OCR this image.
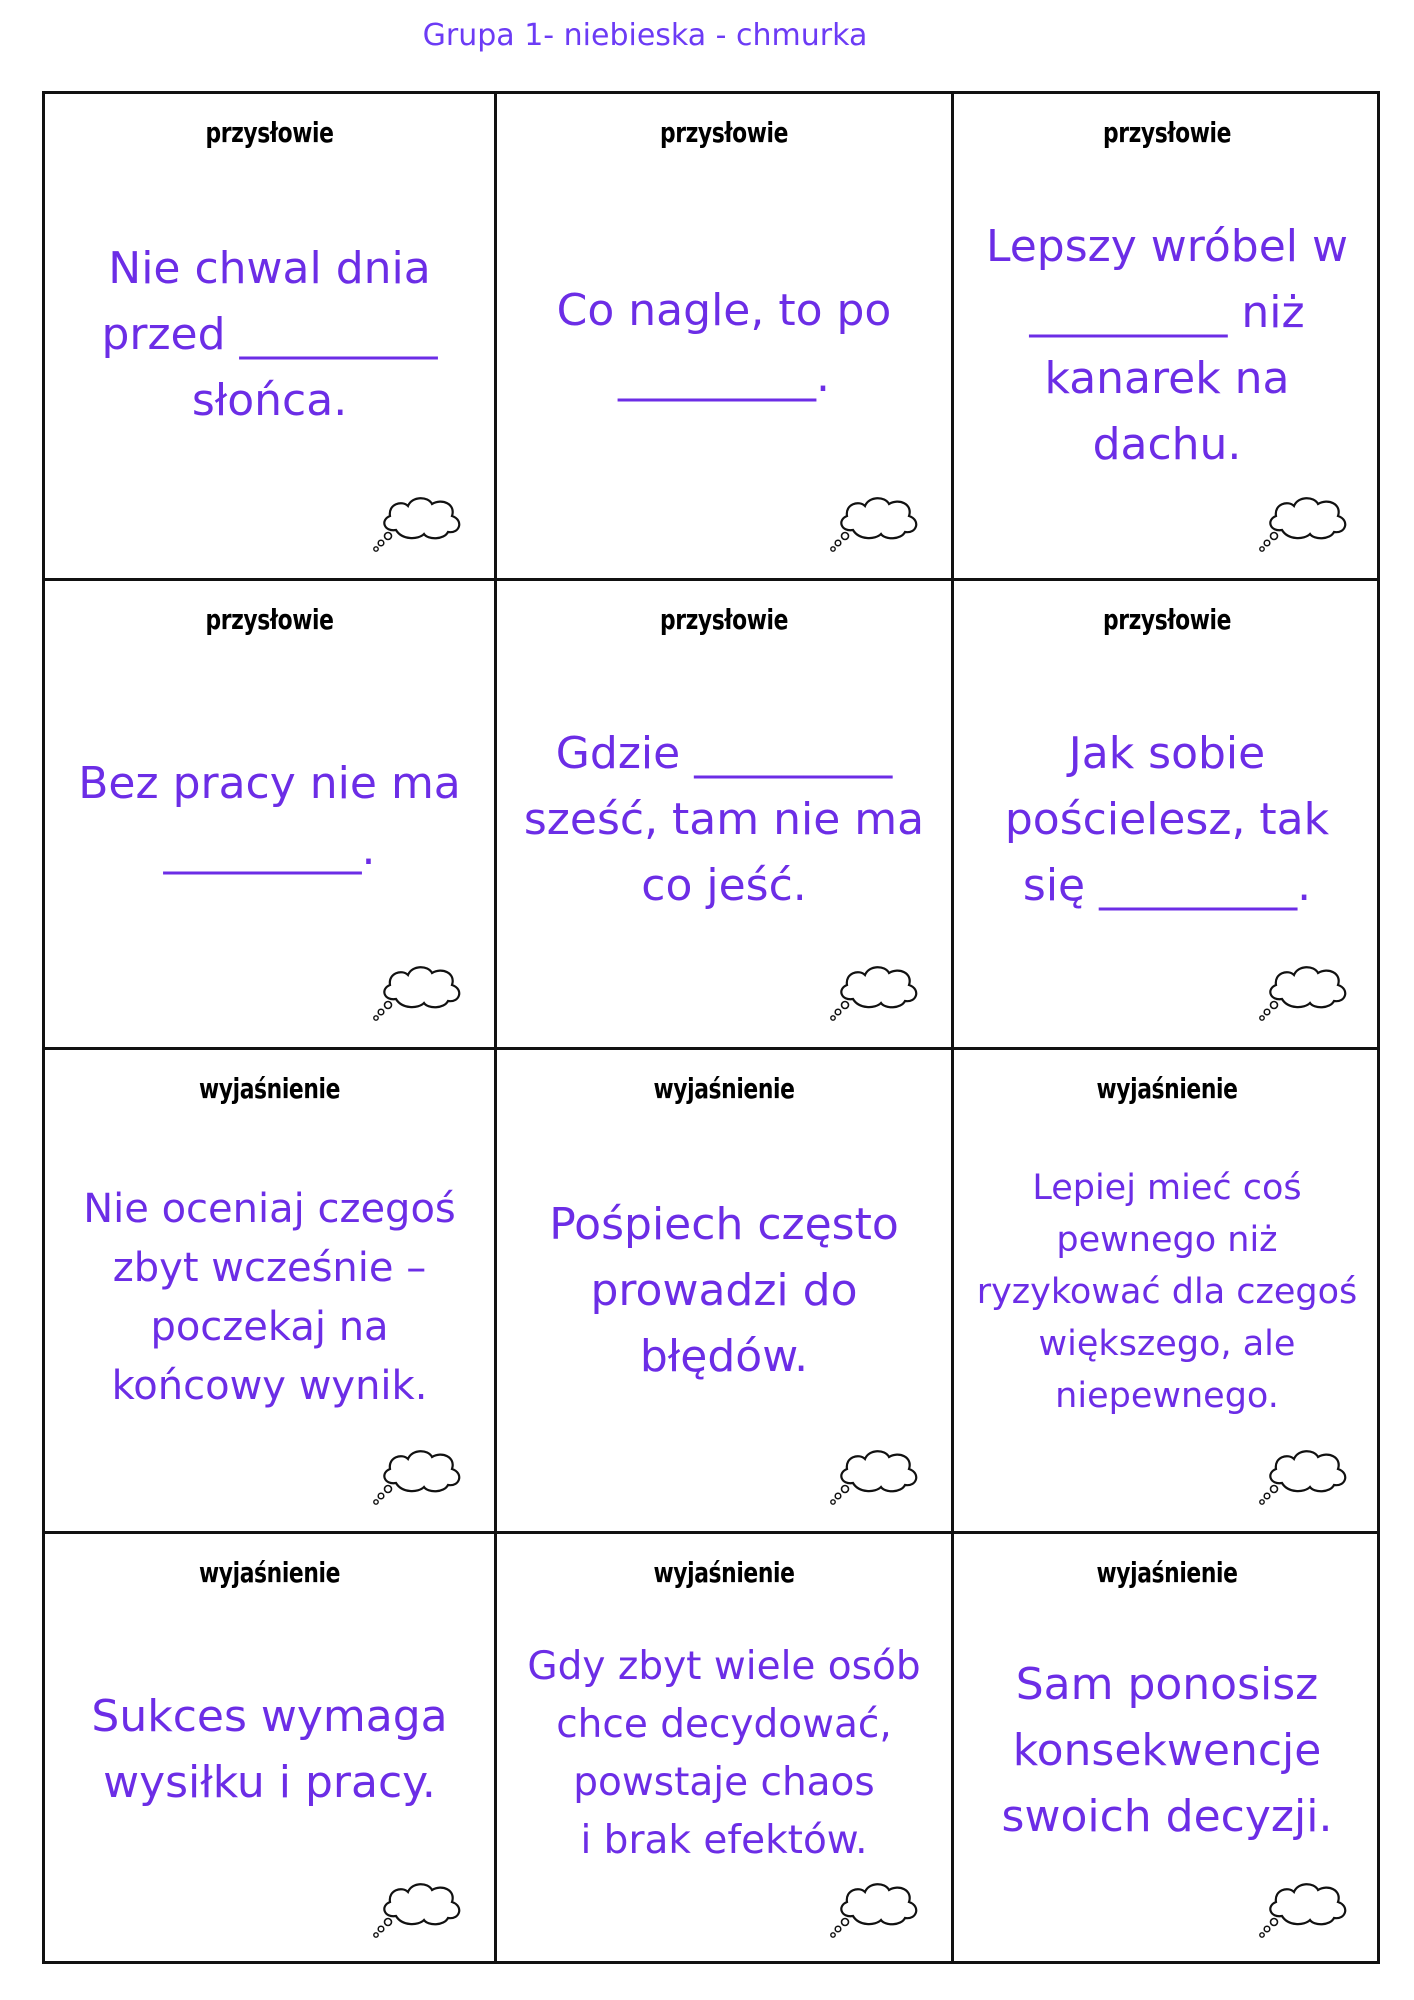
Grupa 1- niebieska - chmurka
przysłowie
Nie chwal dnia
przed _________
słońca.
przysłowie
Co nagle, to po
_________.
przysłowie
Lepszy wróbel w
_________ niż
kanarek na
dachu.
przysłowie
Bez pracy nie ma
_________.
przysłowie
Gdzie _________
sześć, tam nie ma
co jeść.
przysłowie
Jak sobie
pościelesz, tak
się _________.
wyjaśnienie
Nie oceniaj czegoś
zbyt wcześnie –
poczekaj na
końcowy wynik.
wyjaśnienie
Pośpiech często
prowadzi do
błędów.
wyjaśnienie
Lepiej mieć coś
pewnego niż
ryzykować dla czegoś
większego, ale
niepewnego.
wyjaśnienie
Sukces wymaga
wysiłku i pracy.
wyjaśnienie
Gdy zbyt wiele osób
chce decydować,
powstaje chaos
i brak efektów.
wyjaśnienie
Sam ponosisz
konsekwencje
swoich decyzji.
